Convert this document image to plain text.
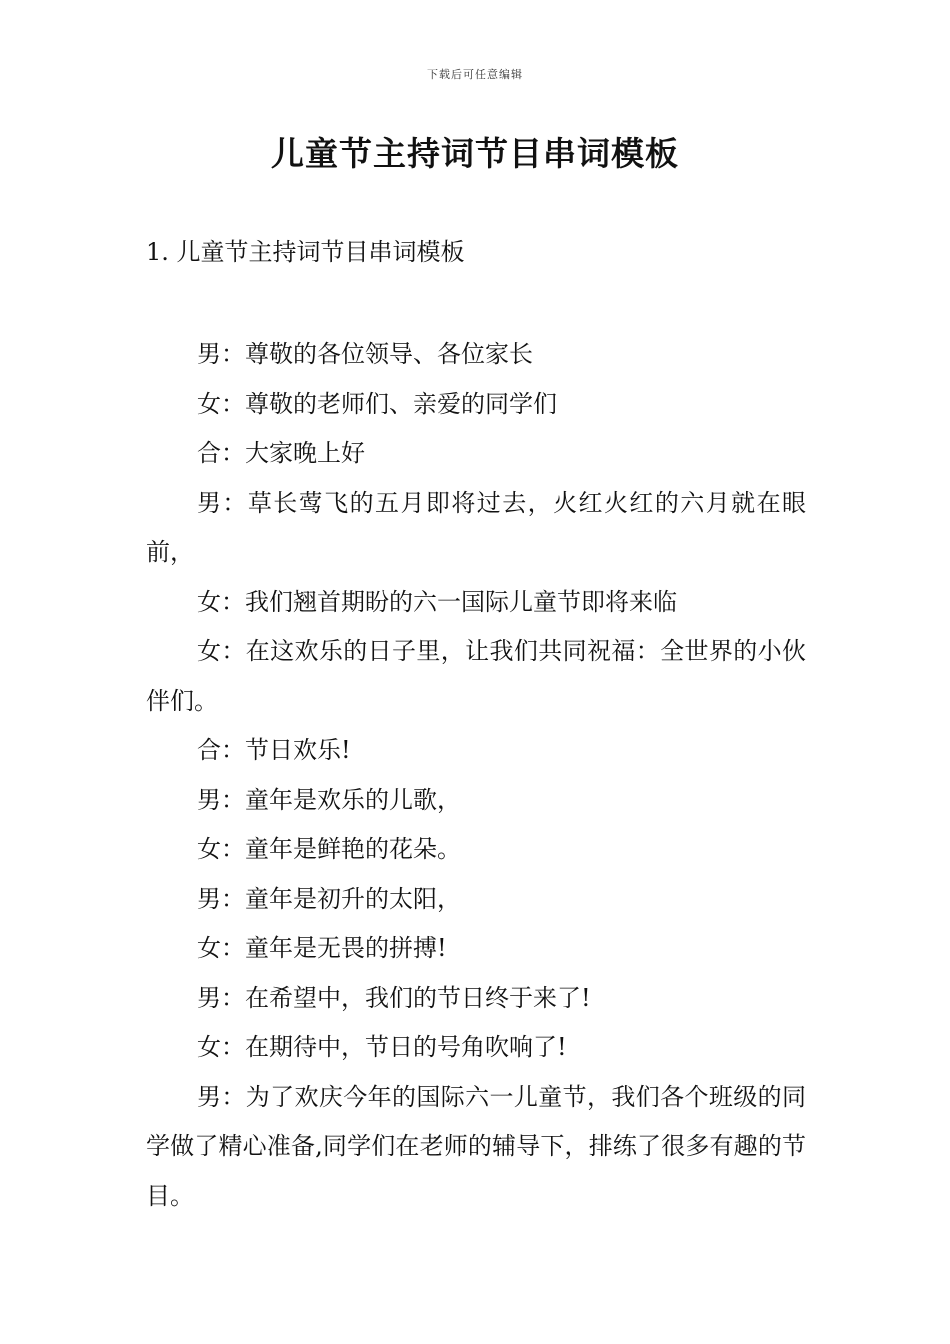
下载后可任意编辑
儿童节主持词节目串词模板

1. 儿童节主持词节目串词模板

男：尊敬的各位领导、各位家长

女：尊敬的老师们、亲爱的同学们

合：大家晚上好

男：草长莺飞的五月即将过去，火红火红的六月就在眼前，

女：我们翘首期盼的六一国际儿童节即将来临

女：在这欢乐的日子里，让我们共同祝福：全世界的小伙伴们。

合：节日欢乐!

男：童年是欢乐的儿歌，

女：童年是鲜艳的花朵。

男：童年是初升的太阳，

女：童年是无畏的拼搏!

男：在希望中，我们的节日终于来了!

女：在期待中，节日的号角吹响了!

男：为了欢庆今年的国际六一儿童节，我们各个班级的同学做了精心准备,同学们在老师的辅导下，排练了很多有趣的节目。
